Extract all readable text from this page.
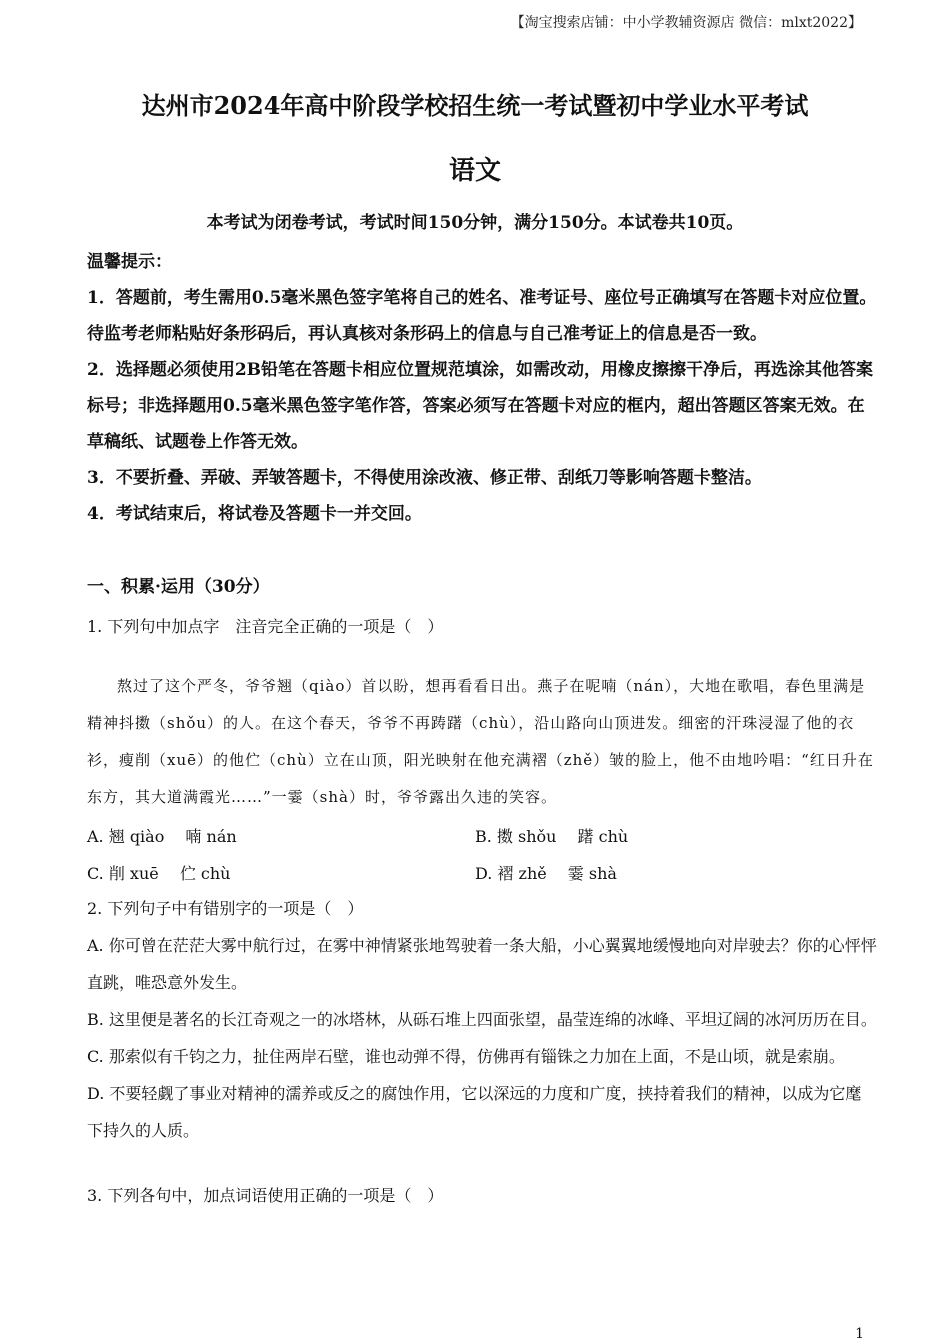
【淘宝搜索店铺：中小学教辅资源店 微信：mlxt2022】
达州市2024年高中阶段学校招生统一考试暨初中学业水平考试
语文
本考试为闭卷考试，考试时间150分钟，满分150分。本试卷共10页。

温馨提示：

1．答题前，考生需用0.5毫米黑色签字笔将自己的姓名、准考证号、座位号正确填写在答题卡对应位置。待监考老师粘贴好条形码后，再认真核对条形码上的信息与自己准考证上的信息是否一致。

2．选择题必须使用2B铅笔在答题卡相应位置规范填涂，如需改动，用橡皮擦擦干净后，再选涂其他答案标号；非选择题用0.5毫米黑色签字笔作答，答案必须写在答题卡对应的框内，超出答题区答案无效。在草稿纸、试题卷上作答无效。

3．不要折叠、弄破、弄皱答题卡，不得使用涂改液、修正带、刮纸刀等影响答题卡整洁。

4．考试结束后，将试卷及答题卡一并交回。

一、积累·运用（30分）

1. 下列句中加点字　注音完全正确的一项是（　）

熬过了这个严冬，爷爷翘（qiào）首以盼，想再看看日出。燕子在呢喃（nán），大地在歌唱，春色里满是精神抖擞（shǒu）的人。在这个春天，爷爷不再踌躇（chù），沿山路向山顶进发。细密的汗珠浸湿了他的衣衫，瘦削（xuē）的他伫（chù）立在山顶，阳光映射在他充满褶（zhě）皱的脸上，他不由地吟唱：“红日升在东方，其大道满霞光……”一霎（shà）时，爷爷露出久违的笑容。

A. 翘 qiào　 喃 nán	B. 擞 shǒu　 躇 chù
C. 削 xuē　 伫 chù	D. 褶 zhě　 霎 shà

2. 下列句子中有错别字的一项是（　）

A. 你可曾在茫茫大雾中航行过，在雾中神情紧张地驾驶着一条大船，小心翼翼地缓慢地向对岸驶去？你的心怦怦直跳，唯恐意外发生。

B. 这里便是著名的长江奇观之一的冰塔林，从砾石堆上四面张望，晶莹连绵的冰峰、平坦辽阔的冰河历历在目。

C. 那索似有千钧之力，扯住两岸石壁，谁也动弹不得，仿佛再有锱铢之力加在上面，不是山顷，就是索崩。

D. 不要轻觑了事业对精神的濡养或反之的腐蚀作用，它以深远的力度和广度，挟持着我们的精神，以成为它麾下持久的人质。

3. 下列各句中，加点词语使用正确的一项是（　）

1
